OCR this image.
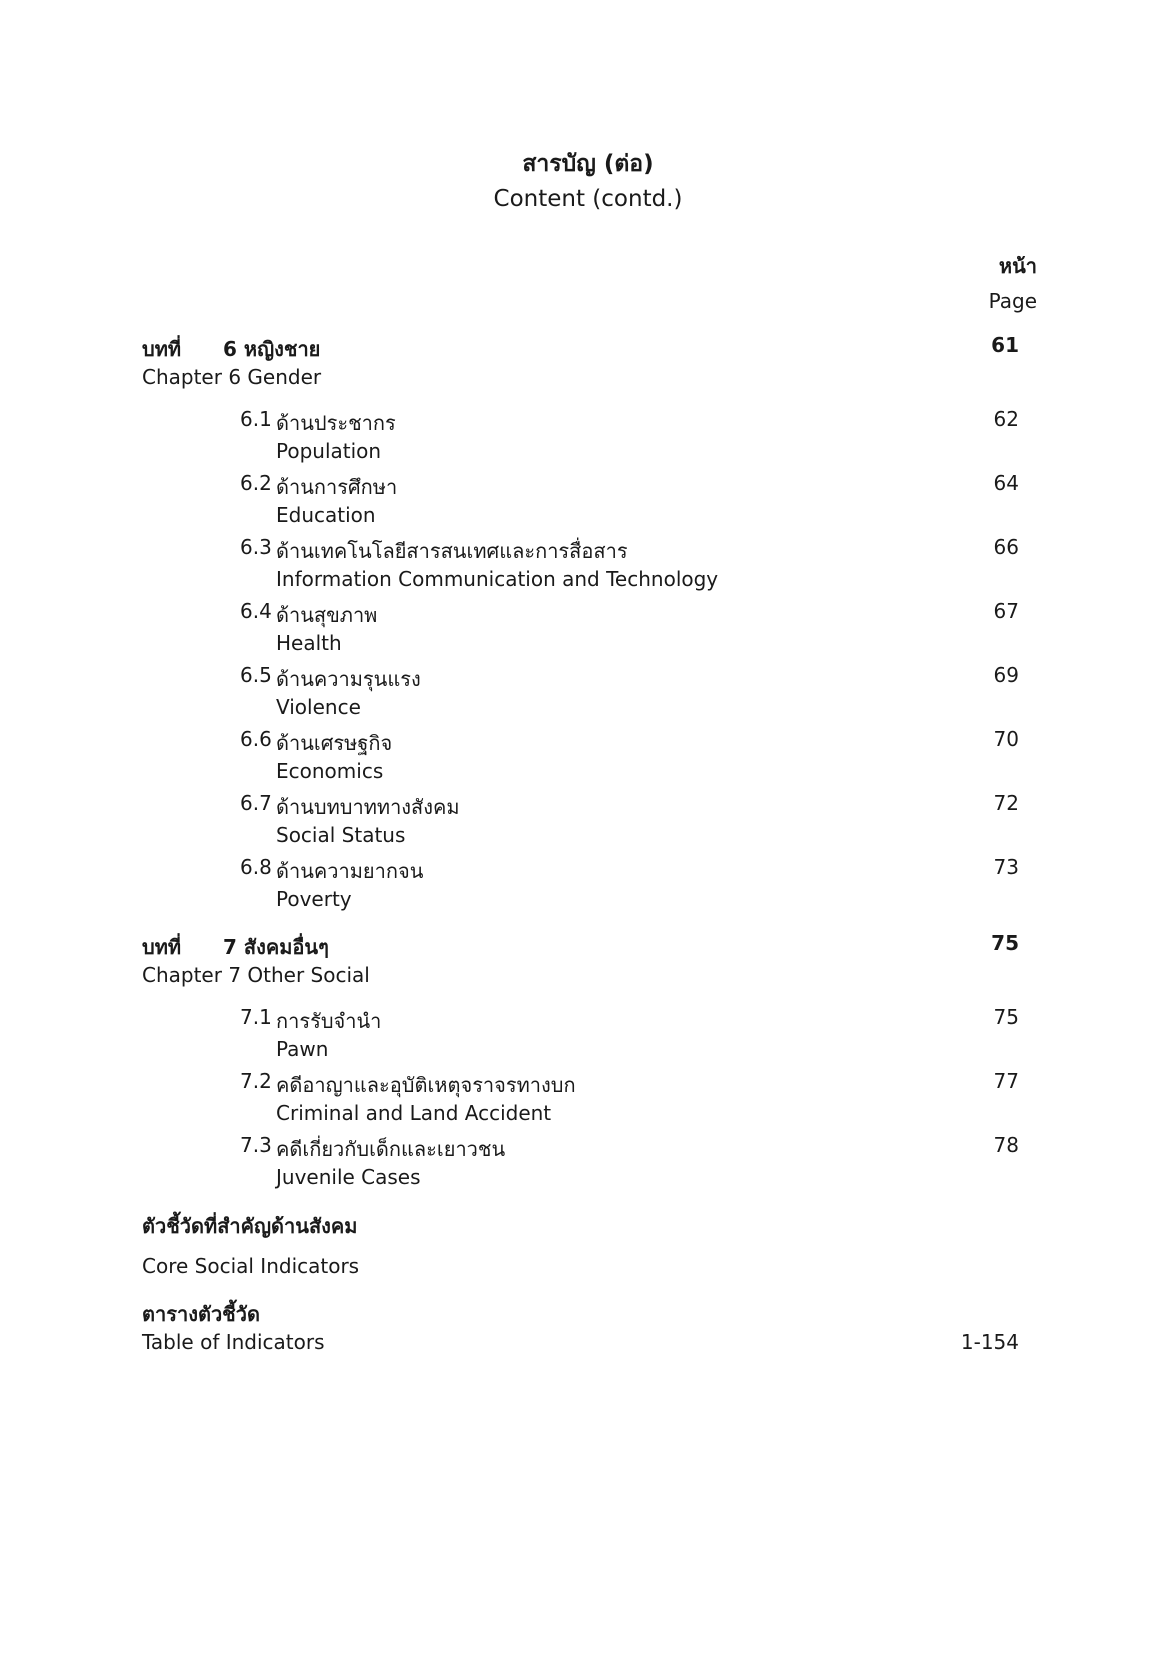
สารบัญ (ต่อ)
Content (contd.)
หน้า
Page
บทที่ 6 หญิงชาย	61
Chapter 6 Gender
6.1 ด้านประชากร	62
Population
6.2 ด้านการศึกษา	64
Education
6.3 ด้านเทคโนโลยีสารสนเทศและการสื่อสาร	66
Information Communication and Technology
6.4 ด้านสุขภาพ	67
Health
6.5 ด้านความรุนแรง	69
Violence
6.6 ด้านเศรษฐกิจ	70
Economics
6.7 ด้านบทบาททางสังคม	72
Social Status
6.8 ด้านความยากจน	73
Poverty
บทที่ 7 สังคมอื่นๆ	75
Chapter 7 Other Social
7.1 การรับจำนำ	75
Pawn
7.2 คดีอาญาและอุบัติเหตุจราจรทางบก	77
Criminal and Land Accident
7.3 คดีเกี่ยวกับเด็กและเยาวชน	78
Juvenile Cases
ตัวชี้วัดที่สำคัญด้านสังคม
Core Social Indicators
ตารางตัวชี้วัด
Table of Indicators	1-154
